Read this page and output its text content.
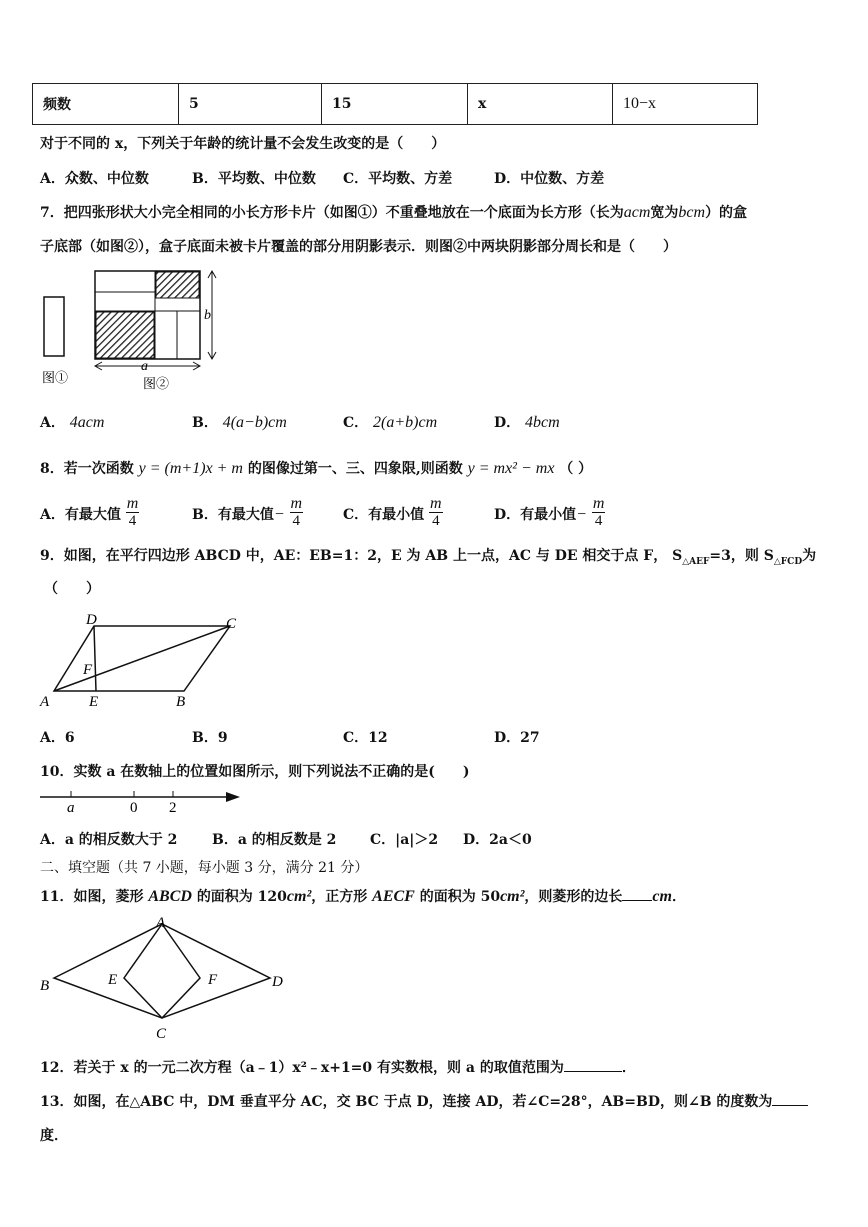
频数	5	15	x	10−x
对于不同的 x，下列关于年龄的统计量不会发生改变的是（　　）
A．众数、中位数	B．平均数、中位数 C．平均数、方差	D．中位数、方差
7．把四张形状大小完全相同的小长方形卡片（如图①）不重叠地放在一个底面为长方形（长为acm宽为bcm）的盒
子底部（如图②），盒子底面未被卡片覆盖的部分用阴影表示．则图②中两块阴影部分周长和是（　　）
b
a
图①	图②
A． 4acm	B． 4(a−b)cm	C． 2(a+b)cm	D． 4bcm
8．若一次函数 y = (m+1)x + m 的图像过第一、三、四象限,则函数 y = mx² − mx （ ）
A．有最大值 $\frac{m}{4}$	B．有最大值− $\frac{m}{4}$	C．有最小值 $\frac{m}{4}$	D．有最小值− $\frac{m}{4}$
9．如图，在平行四边形 ABCD 中，AE：EB=1：2，E 为 AB 上一点，AC 与 DE 相交于点 F， $S_{\triangle AEF}=3$，则 $S_{\triangle FCD}$为
（　　）
A	B
C
D
E
F
A．6	B．9	C．12	D．27
10．实数 a 在数轴上的位置如图所示，则下列说法不正确的是(　　)
a	0 2
A．a 的相反数大于 2 B．a 的相反数是 2 C．|a|＞2 D．2a＜0
二、填空题（共 7 小题，每小题 3 分，满分 21 分）
11．如图，菱形 ABCD 的面积为 120cm²，正方形 AECF 的面积为 50cm²，则菱形的边长 cm．
A
B
C
D
E	F
12．若关于 x 的一元二次方程（a﹣1）x²﹣x+1=0 有实数根，则 a 的取值范围为	．
13．如图，在△ABC 中，DM 垂直平分 AC，交 BC 于点 D，连接 AD，若∠C=28°，AB=BD，则∠B 的度数为
度．
